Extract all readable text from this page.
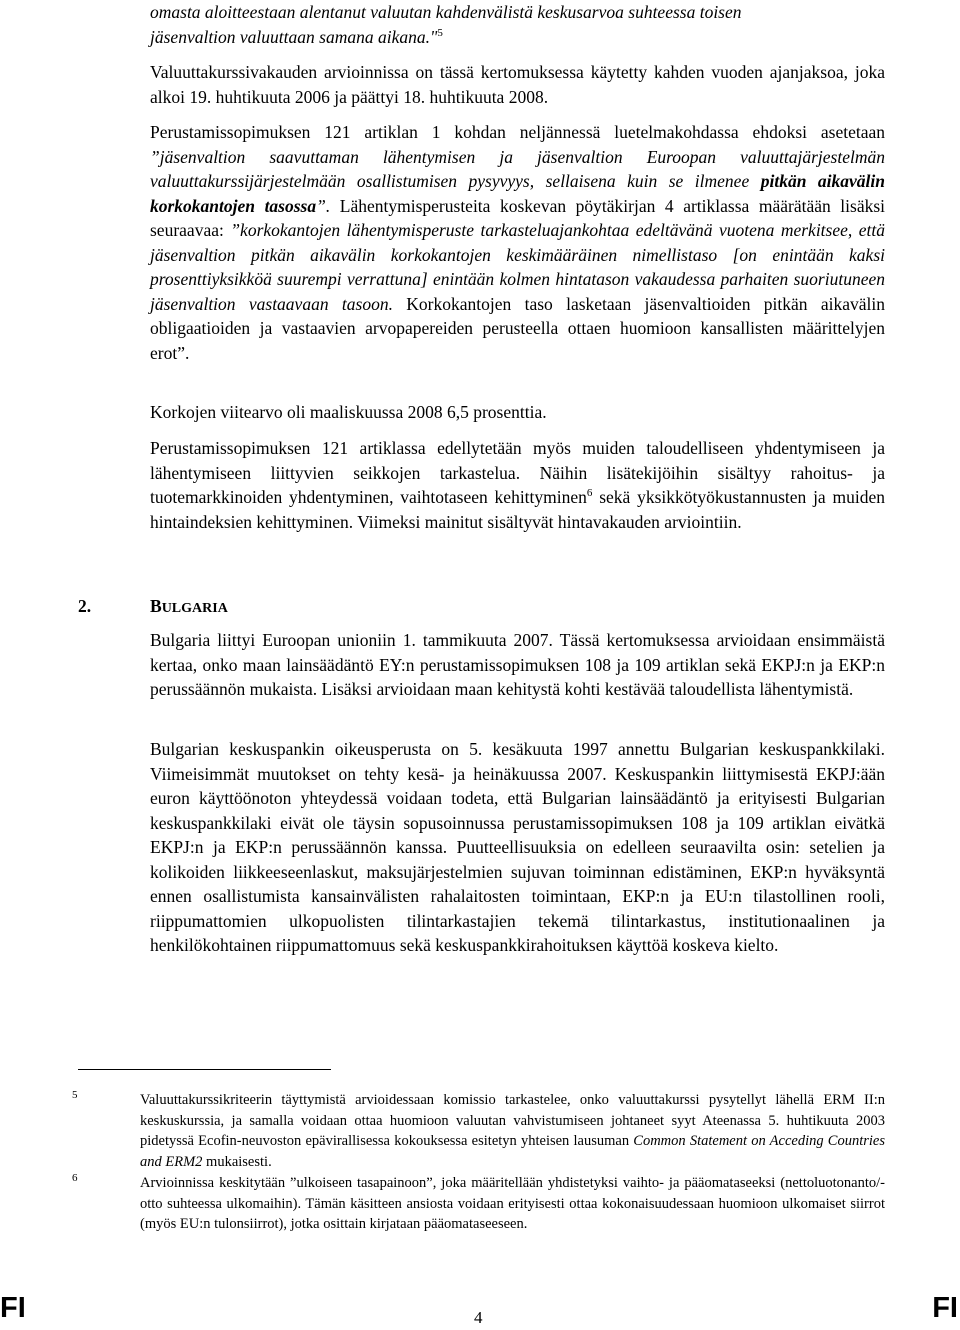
omasta aloitteestaan alentanut valuutan kahdenvälistä keskusarvoa suhteessa toisen
jäsenvaltion valuuttaan samana aikana."$^5$

Valuuttakurssivakauden arvioinnissa on tässä kertomuksessa käytetty kahden vuoden ajanjaksoa, joka alkoi 19. huhtikuuta 2006 ja päättyi 18. huhtikuuta 2008.

Perustamissopimuksen 121 artiklan 1 kohdan neljännessä luetelmakohdassa ehdoksi asetetaan ”jäsenvaltion saavuttaman lähentymisen ja jäsenvaltion Euroopan valuuttajärjestelmän valuuttakurssijärjestelmään osallistumisen pysyvyys, sellaisena kuin se ilmenee pitkän aikavälin korkokantojen tasossa”. Lähentymisperusteita koskevan pöytäkirjan 4 artiklassa määrätään lisäksi seuraavaa: ”korkokantojen lähentymisperuste tarkasteluajankohtaa edeltävänä vuotena merkitsee, että jäsenvaltion pitkän aikavälin korkokantojen keskimääräinen nimellistaso [on enintään kaksi prosenttiyksikköä suurempi verrattuna] enintään kolmen hintatason vakaudessa parhaiten suoriutuneen jäsenvaltion vastaavaan tasoon. Korkokantojen taso lasketaan jäsenvaltioiden pitkän aikavälin obligaatioiden ja vastaavien arvopapereiden perusteella ottaen huomioon kansallisten määrittelyjen erot”.

Korkojen viitearvo oli maaliskuussa 2008 6,5 prosenttia.

Perustamissopimuksen 121 artiklassa edellytetään myös muiden taloudelliseen yhdentymiseen ja lähentymiseen liittyvien seikkojen tarkastelua. Näihin lisätekijöihin sisältyy rahoitus- ja tuotemarkkinoiden yhdentyminen, vaihtotaseen kehittyminen$^6$ sekä yksikkötyökustannusten ja muiden hintaindeksien kehittyminen. Viimeksi mainitut sisältyvät hintavakauden arviointiin.

2.	BULGARIA

Bulgaria liittyi Euroopan unioniin 1. tammikuuta 2007. Tässä kertomuksessa arvioidaan ensimmäistä kertaa, onko maan lainsäädäntö EY:n perustamissopimuksen 108 ja 109 artiklan sekä EKPJ:n ja EKP:n perussäännön mukaista. Lisäksi arvioidaan maan kehitystä kohti kestävää taloudellista lähentymistä.

Bulgarian keskuspankin oikeusperusta on 5. kesäkuuta 1997 annettu Bulgarian keskuspankkilaki. Viimeisimmät muutokset on tehty kesä- ja heinäkuussa 2007. Keskuspankin liittymisestä EKPJ:ään euron käyttöönoton yhteydessä voidaan todeta, että Bulgarian lainsäädäntö ja erityisesti Bulgarian keskuspankkilaki eivät ole täysin sopusoinnussa perustamissopimuksen 108 ja 109 artiklan eivätkä EKPJ:n ja EKP:n perussäännön kanssa. Puutteellisuuksia on edelleen seuraavilta osin: setelien ja kolikoiden liikkeeseenlaskut, maksujärjestelmien sujuvan toiminnan edistäminen, EKP:n hyväksyntä ennen osallistumista kansainvälisten rahalaitosten toimintaan, EKP:n ja EU:n tilastollinen rooli, riippumattomien ulkopuolisten tilintarkastajien tekemä tilintarkastus, institutionaalinen ja henkilökohtainen riippumattomuus sekä keskuspankkirahoituksen käyttöä koskeva kielto.

5	Valuuttakurssikriteerin täyttymistä arvioidessaan komissio tarkastelee, onko valuuttakurssi pysytellyt lähellä ERM II:n keskuskurssia, ja samalla voidaan ottaa huomioon valuutan vahvistumiseen johtaneet syyt Ateenassa 5. huhtikuuta 2003 pidetyssä Ecofin-neuvoston epävirallisessa kokouksessa esitetyn yhteisen lausuman Common Statement on Acceding Countries and ERM2 mukaisesti.

6	Arvioinnissa keskitytään ”ulkoiseen tasapainoon”, joka määritellään yhdistetyksi vaihto- ja pääomataseeksi (nettoluotonanto/-otto suhteessa ulkomaihin). Tämän käsitteen ansiosta voidaan erityisesti ottaa kokonaisuudessaan huomioon ulkomaiset siirrot (myös EU:n tulonsiirrot), jotka osittain kirjataan pääomataseeseen.

FI	4	FI
